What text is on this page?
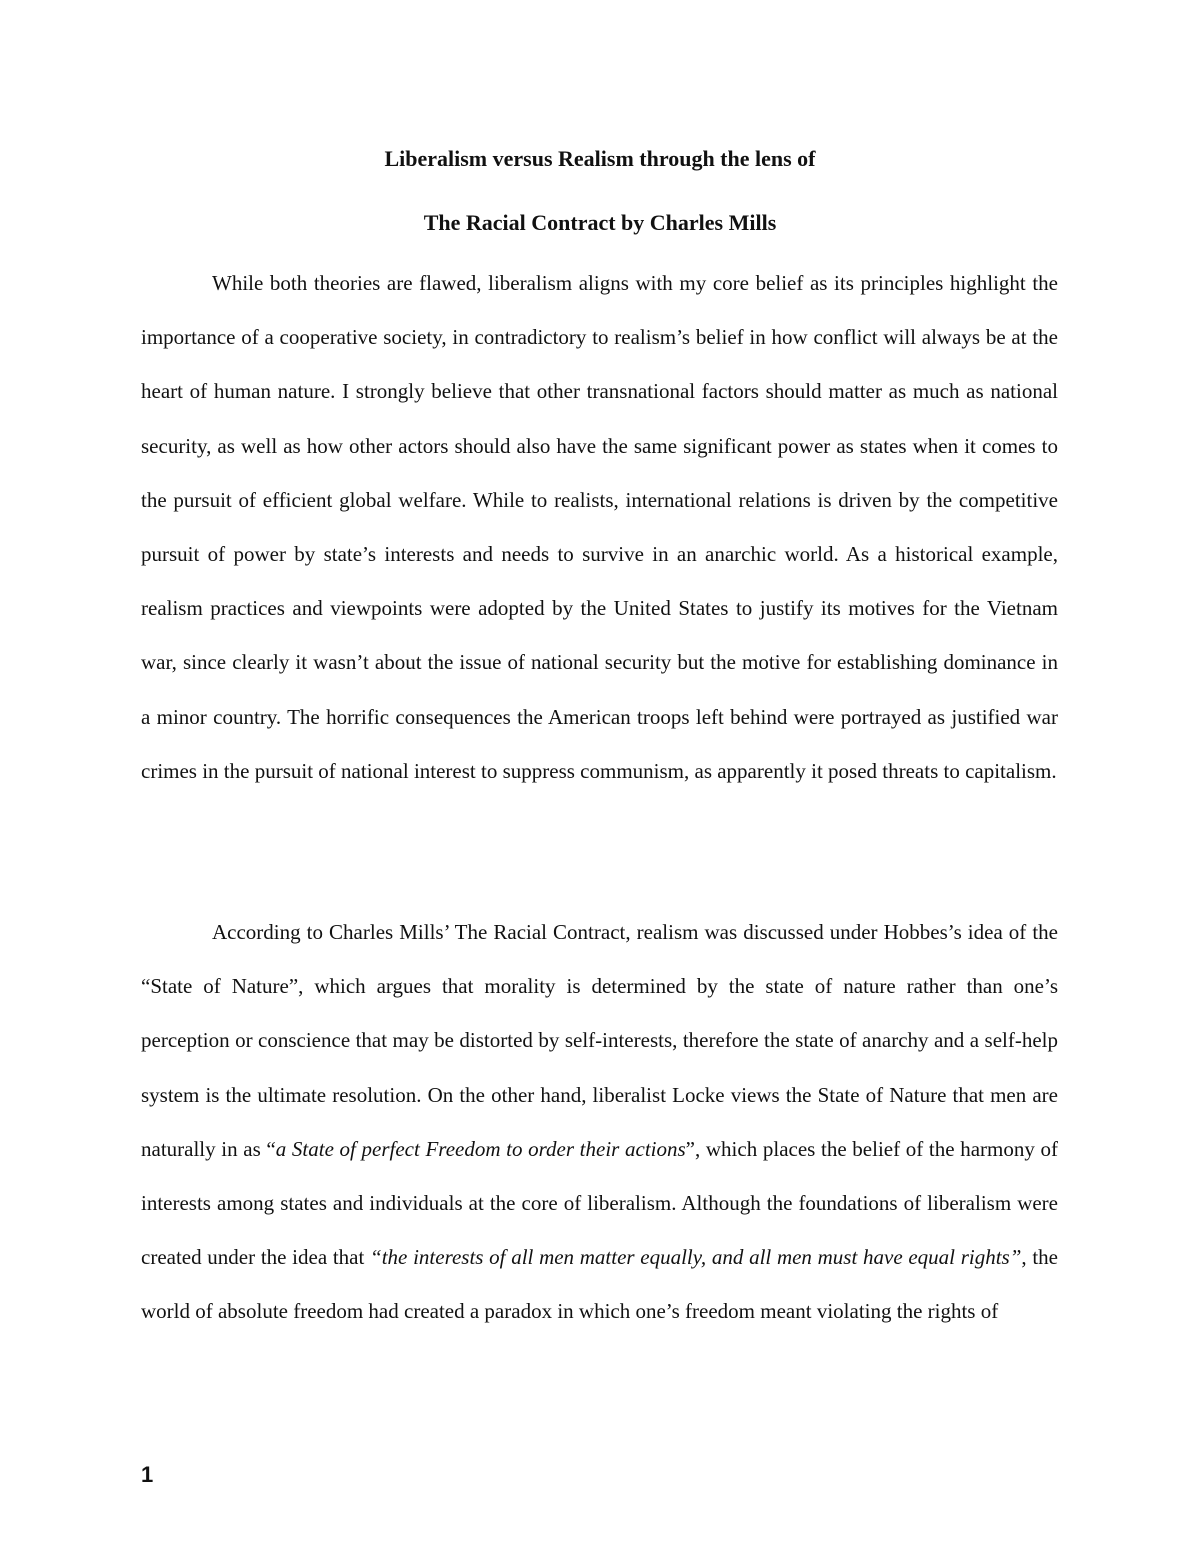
Liberalism versus Realism through the lens of
The Racial Contract by Charles Mills

While both theories are flawed, liberalism aligns with my core belief as its principles highlight the importance of a cooperative society, in contradictory to realism’s belief in how conflict will always be at the heart of human nature. I strongly believe that other transnational factors should matter as much as national security, as well as how other actors should also have the same significant power as states when it comes to the pursuit of efficient global welfare. While to realists, international relations is driven by the competitive pursuit of power by state’s interests and needs to survive in an anarchic world. As a historical example, realism practices and viewpoints were adopted by the United States to justify its motives for the Vietnam war, since clearly it wasn’t about the issue of national security but the motive for establishing dominance in a minor country. The horrific consequences the American troops left behind were portrayed as justified war crimes in the pursuit of national interest to suppress communism, as apparently it posed threats to capitalism.

According to Charles Mills’ The Racial Contract, realism was discussed under Hobbes’s idea of the “State of Nature”, which argues that morality is determined by the state of nature rather than one’s perception or conscience that may be distorted by self-interests, therefore the state of anarchy and a self-help system is the ultimate resolution. On the other hand, liberalist Locke views the State of Nature that men are naturally in as “a State of perfect Freedom to order their actions”, which places the belief of the harmony of interests among states and individuals at the core of liberalism. Although the foundations of liberalism were created under the idea that “the interests of all men matter equally, and all men must have equal rights”, the world of absolute freedom had created a paradox in which one’s freedom meant violating the rights of

1
